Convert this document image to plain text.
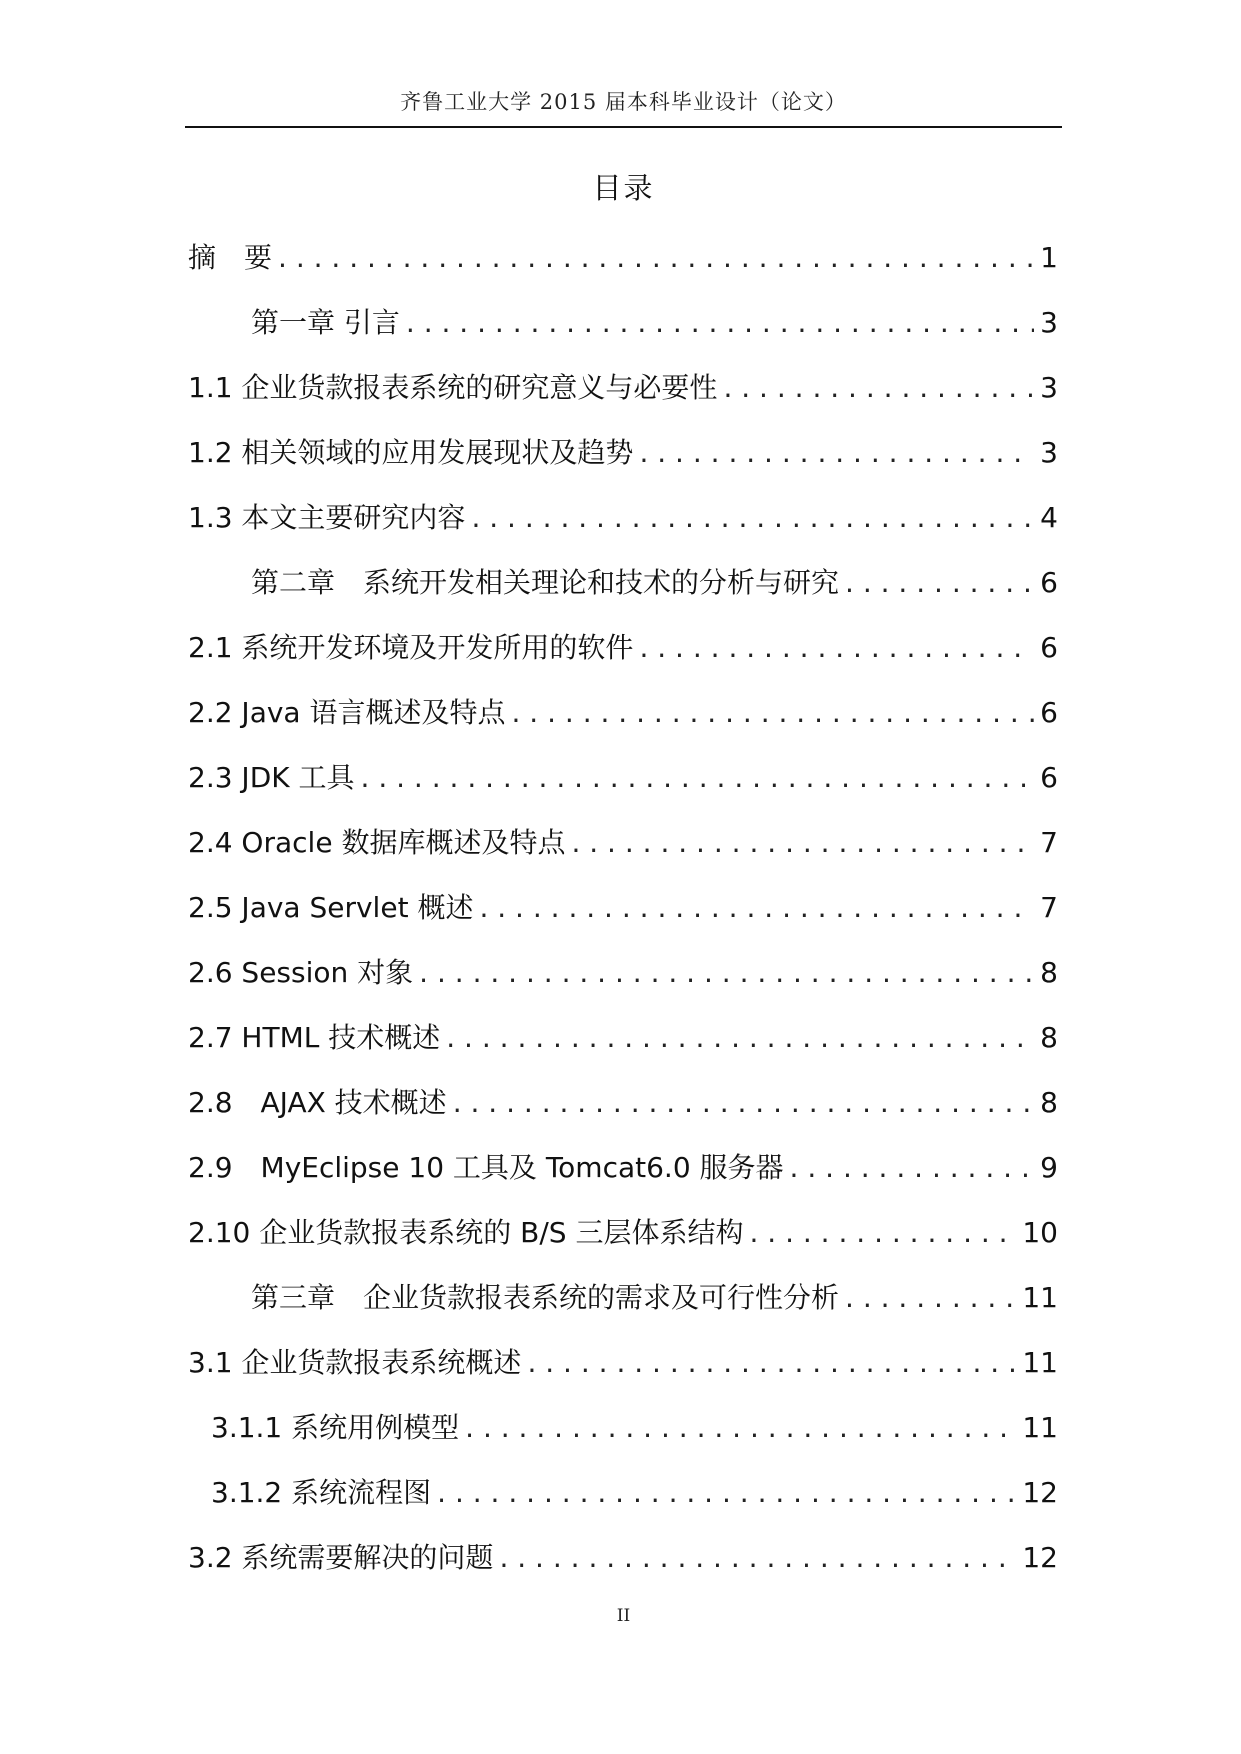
齐鲁工业大学 2015 届本科毕业设计（论文）
目录
摘　要 . . .	1
第一章 引言 . . .	3
1.1 企业货款报表系统的研究意义与必要性 . . .	3
1.2 相关领域的应用发展现状及趋势 . . .	3
1.3 本文主要研究内容 . . .	4
第二章　系统开发相关理论和技术的分析与研究 . . .	6
2.1 系统开发环境及开发所用的软件 . . .	6
2.2 Java 语言概述及特点 . . .	6
2.3 JDK 工具 . . .	6
2.4 Oracle 数据库概述及特点 . . .	7
2.5 Java Servlet 概述 . . .	7
2.6 Session 对象 . . .	8
2.7 HTML 技术概述 . . .	8
2.8　AJAX 技术概述 . . .	8
2.9　MyEclipse 10 工具及 Tomcat6.0 服务器 . . .	9
2.10 企业货款报表系统的 B/S 三层体系结构 . . .	10
第三章　企业货款报表系统的需求及可行性分析 . . .	11
3.1 企业货款报表系统概述 . . .	11
3.1.1 系统用例模型 . . .	11
3.1.2 系统流程图 . . .	12
3.2 系统需要解决的问题 . . .	12
II
